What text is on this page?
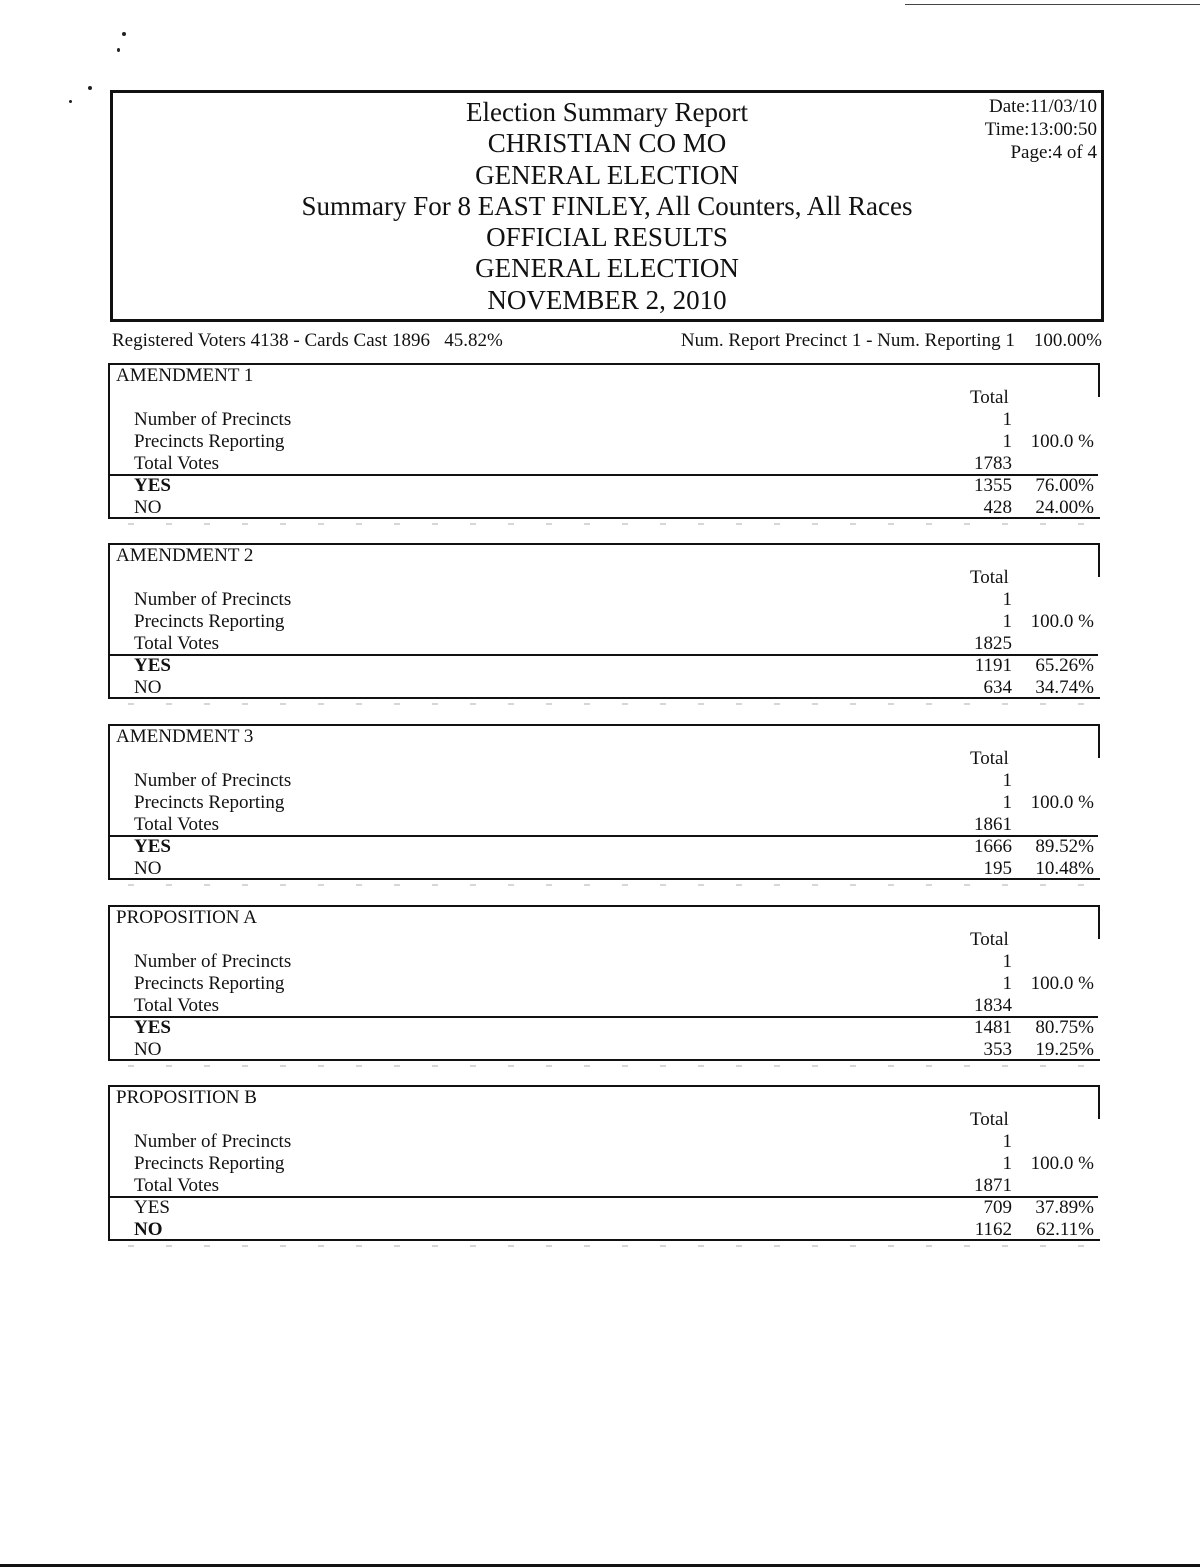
Election Summary Report
CHRISTIAN CO MO
GENERAL ELECTION
Summary For 8 EAST FINLEY, All Counters, All Races
OFFICIAL RESULTS
GENERAL ELECTION
NOVEMBER 2, 2010
Date:11/03/10
Time:13:00:50
Page:4 of 4
Registered Voters 4138 - Cards Cast 1896   45.82%	Num. Report Precinct 1 - Num. Reporting 1    100.00%
AMENDMENT 1
Total
Number of Precincts	1
Precincts Reporting	1 100.0 %
Total Votes	1783
YES	1355 76.00%
NO	428 24.00%
AMENDMENT 2
Total
Number of Precincts	1
Precincts Reporting	1 100.0 %
Total Votes	1825
YES	1191 65.26%
NO	634 34.74%
AMENDMENT 3
Total
Number of Precincts	1
Precincts Reporting	1 100.0 %
Total Votes	1861
YES	1666 89.52%
NO	195 10.48%
PROPOSITION A
Total
Number of Precincts	1
Precincts Reporting	1 100.0 %
Total Votes	1834
YES	1481 80.75%
NO	353 19.25%
PROPOSITION B
Total
Number of Precincts	1
Precincts Reporting	1 100.0 %
Total Votes	1871
YES	709 37.89%
NO	1162 62.11%
